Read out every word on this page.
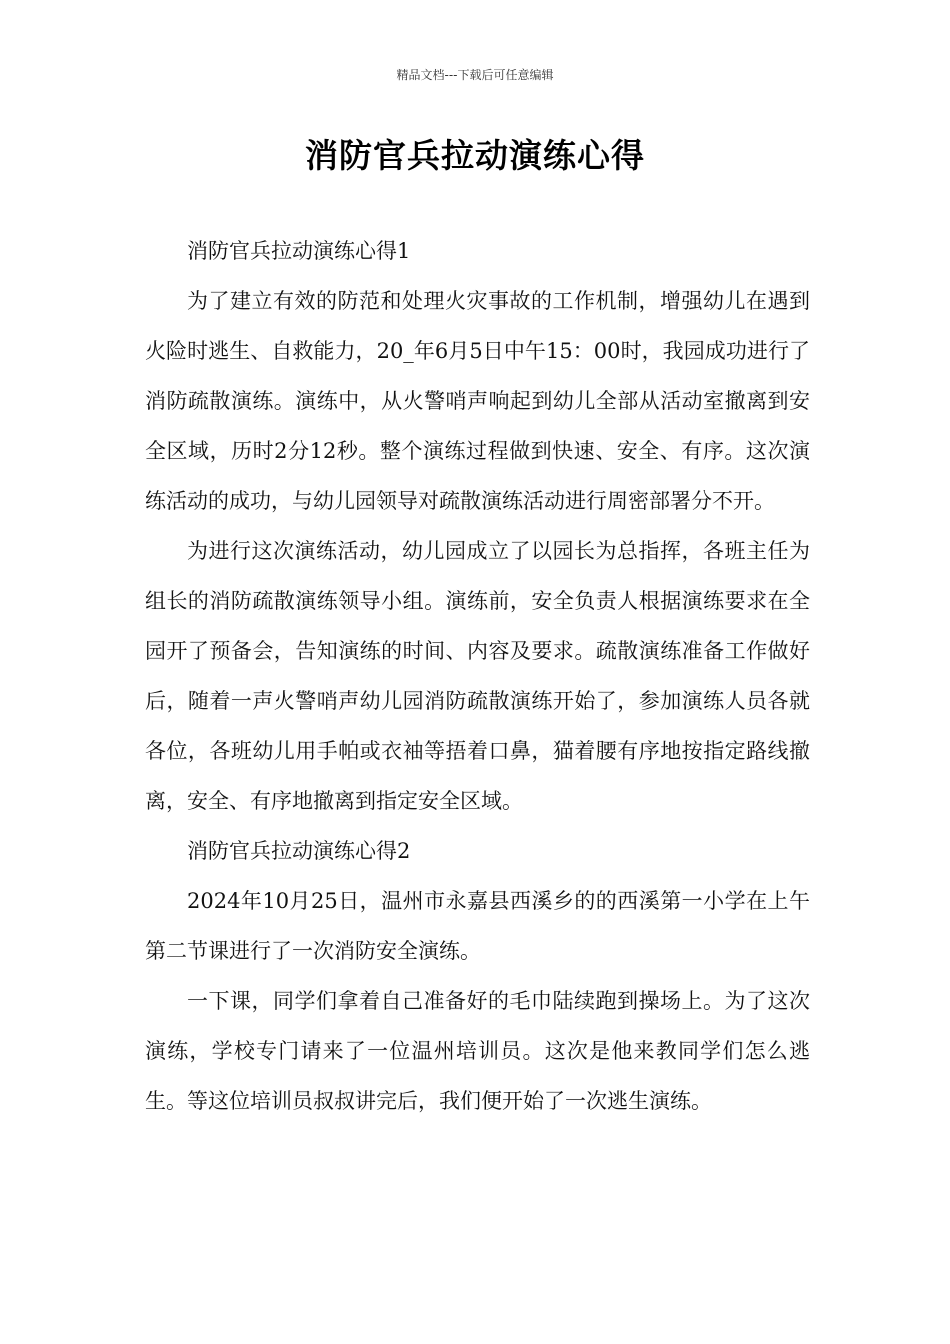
精品文档---下载后可任意编辑
消防官兵拉动演练心得

消防官兵拉动演练心得1

为了建立有效的防范和处理火灾事故的工作机制，增强幼儿在遇到火险时逃生、自救能力，20_年6月5日中午15：00时，我园成功进行了消防疏散演练。演练中，从火警哨声响起到幼儿全部从活动室撤离到安全区域，历时2分12秒。整个演练过程做到快速、安全、有序。这次演练活动的成功，与幼儿园领导对疏散演练活动进行周密部署分不开。

为进行这次演练活动，幼儿园成立了以园长为总指挥，各班主任为组长的消防疏散演练领导小组。演练前，安全负责人根据演练要求在全园开了预备会，告知演练的时间、内容及要求。疏散演练准备工作做好后，随着一声火警哨声幼儿园消防疏散演练开始了，参加演练人员各就各位，各班幼儿用手帕或衣袖等捂着口鼻，猫着腰有序地按指定路线撤离，安全、有序地撤离到指定安全区域。

消防官兵拉动演练心得2

2024年10月25日，温州市永嘉县西溪乡的的西溪第一小学在上午第二节课进行了一次消防安全演练。

一下课，同学们拿着自己准备好的毛巾陆续跑到操场上。为了这次演练，学校专门请来了一位温州培训员。这次是他来教同学们怎么逃生。等这位培训员叔叔讲完后，我们便开始了一次逃生演练。
